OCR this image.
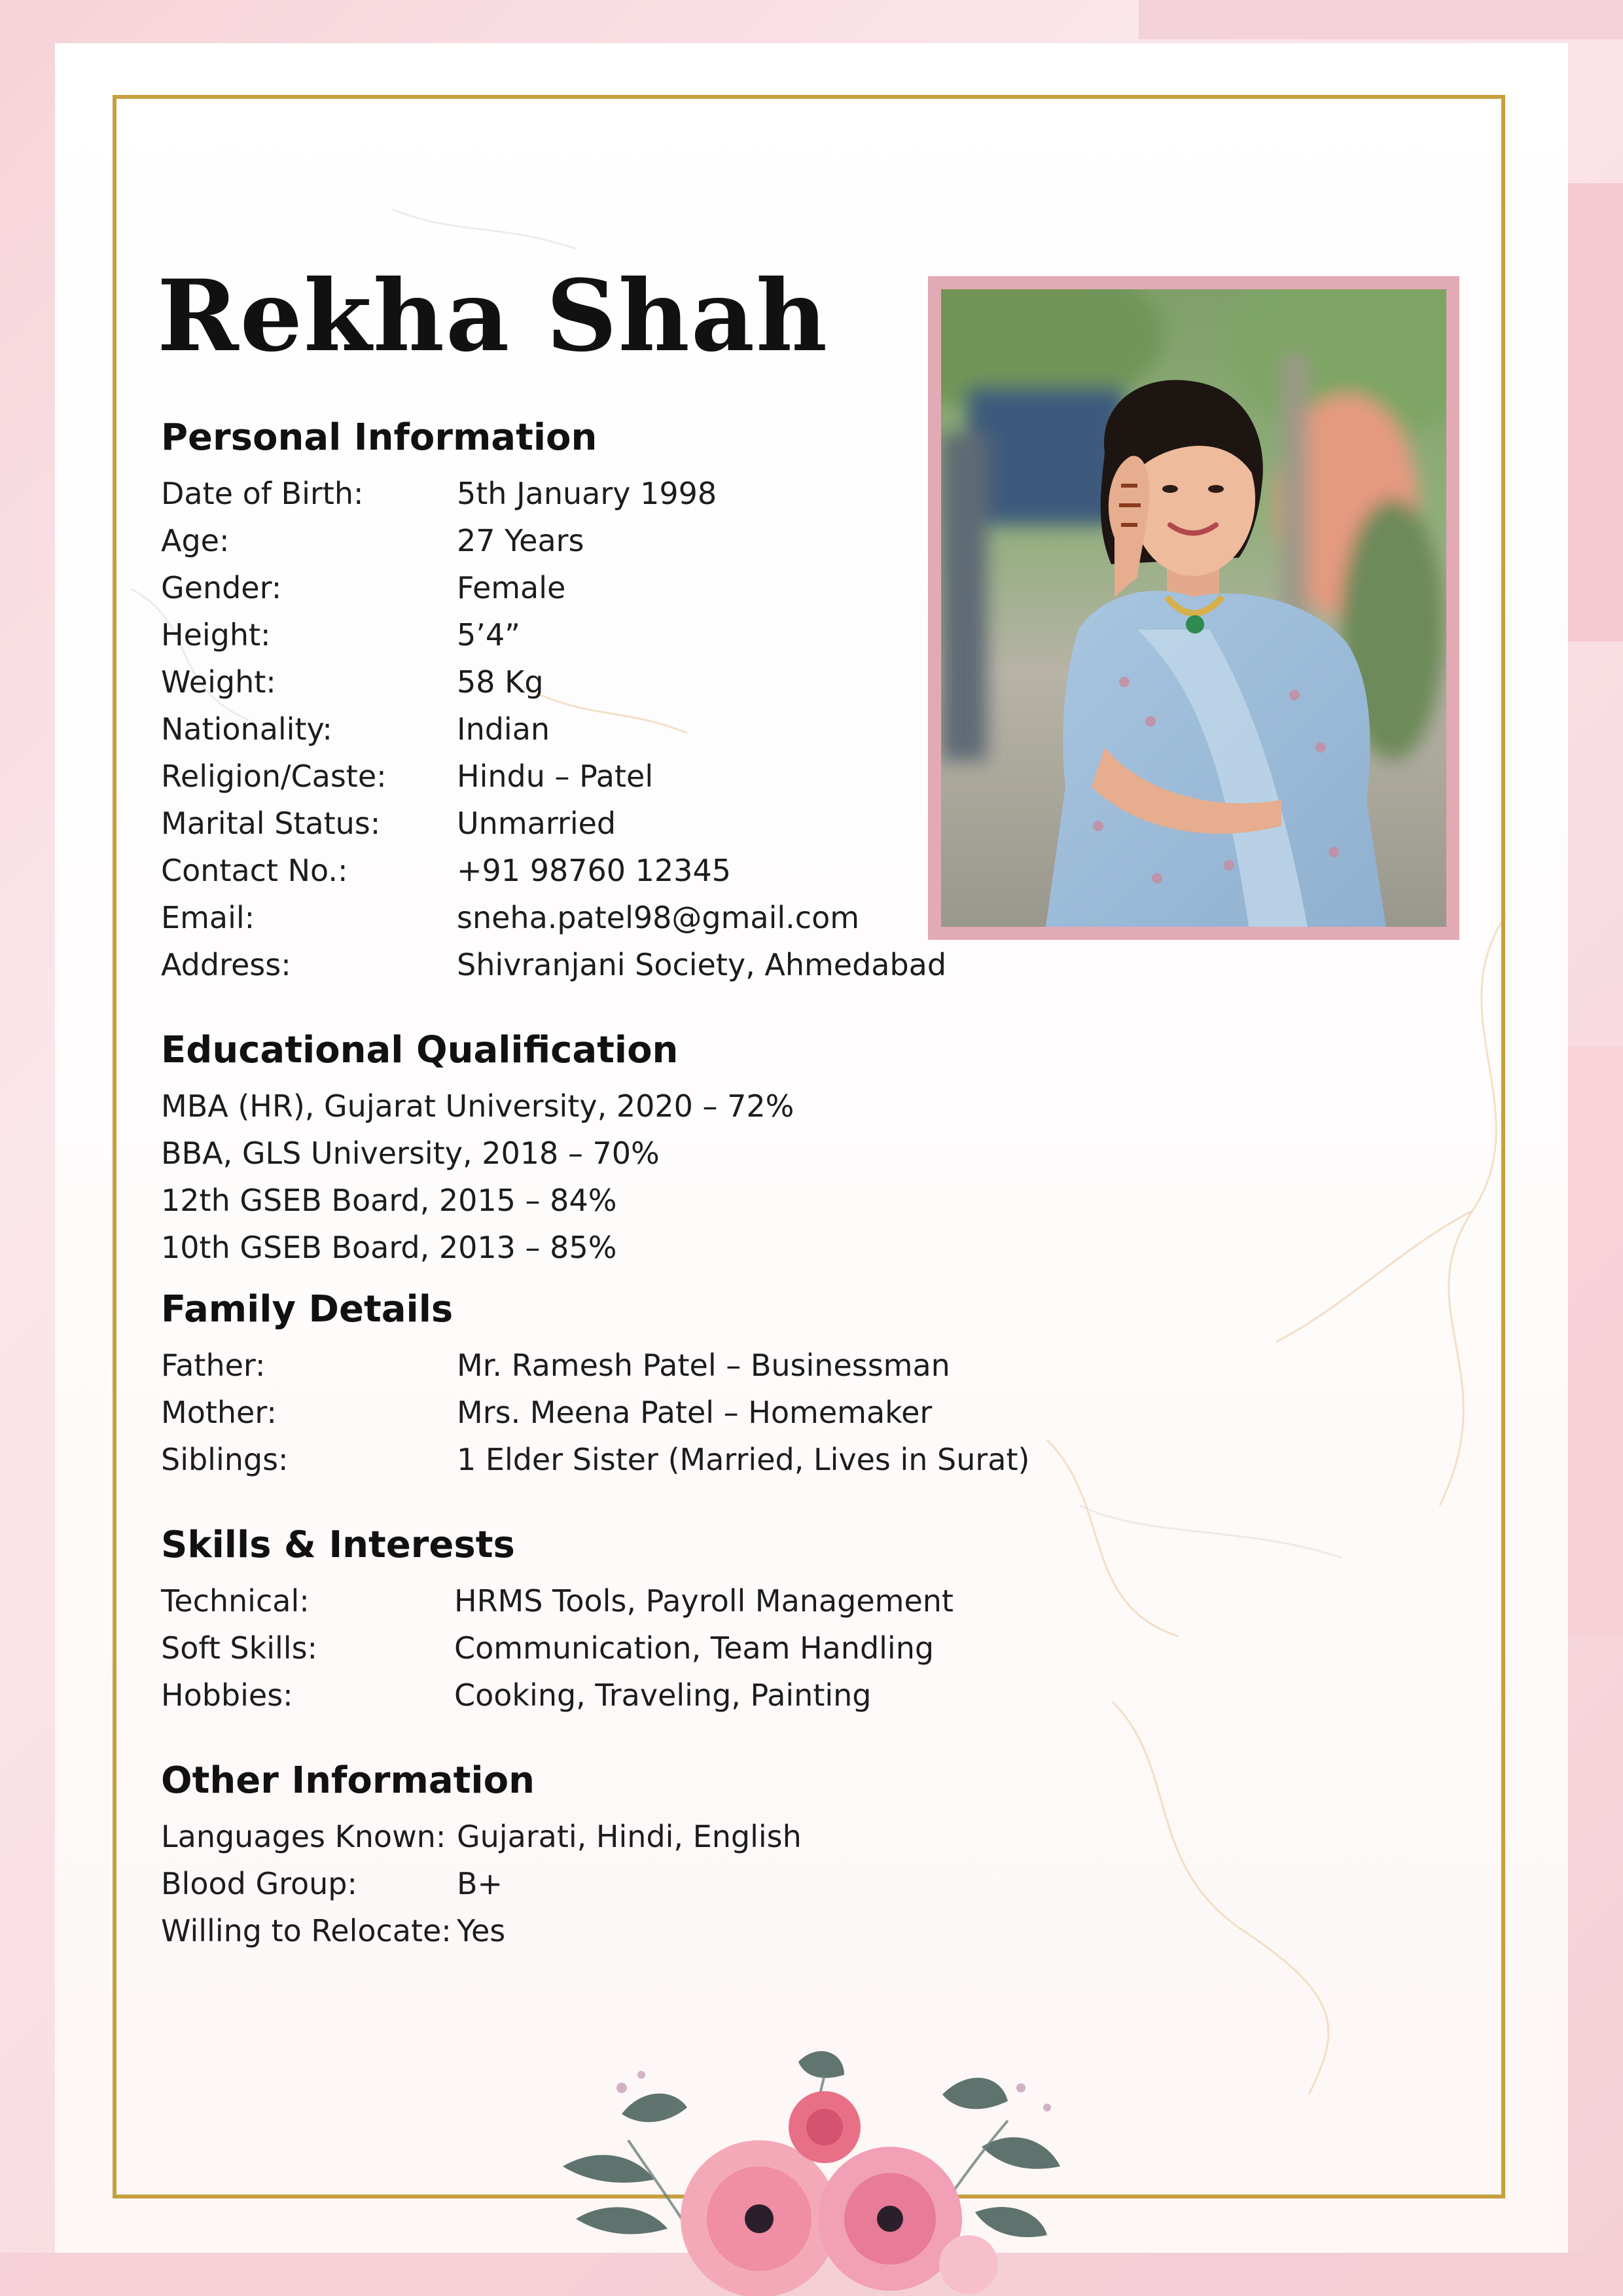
Rekha Shah
Personal Information
Date of Birth:	5th January 1998
Age:	27 Years
Gender:	Female
Height:	5’4”
Weight:	58 Kg
Nationality:	Indian
Religion/Caste: Hindu – Patel
Marital Status:	Unmarried
Contact No.:	+91 98760 12345
Email:	sneha.patel98@gmail.com
Address:	Shivranjani Society, Ahmedabad
Educational Qualification
MBA (HR), Gujarat University, 2020 – 72%
BBA, GLS University, 2018 – 70%
12th GSEB Board, 2015 – 84%
10th GSEB Board, 2013 – 85%
Family Details
Father:	Mr. Ramesh Patel – Businessman
Mother:	Mrs. Meena Patel – Homemaker
Siblings:	1 Elder Sister (Married, Lives in Surat)
Skills & Interests
Technical:	HRMS Tools, Payroll Management
Soft Skills:	Communication, Team Handling
Hobbies:	Cooking, Traveling, Painting
Other Information
Languages Known: Gujarati, Hindi, English
Blood Group:	B+
Willing to Relocate: Yes
